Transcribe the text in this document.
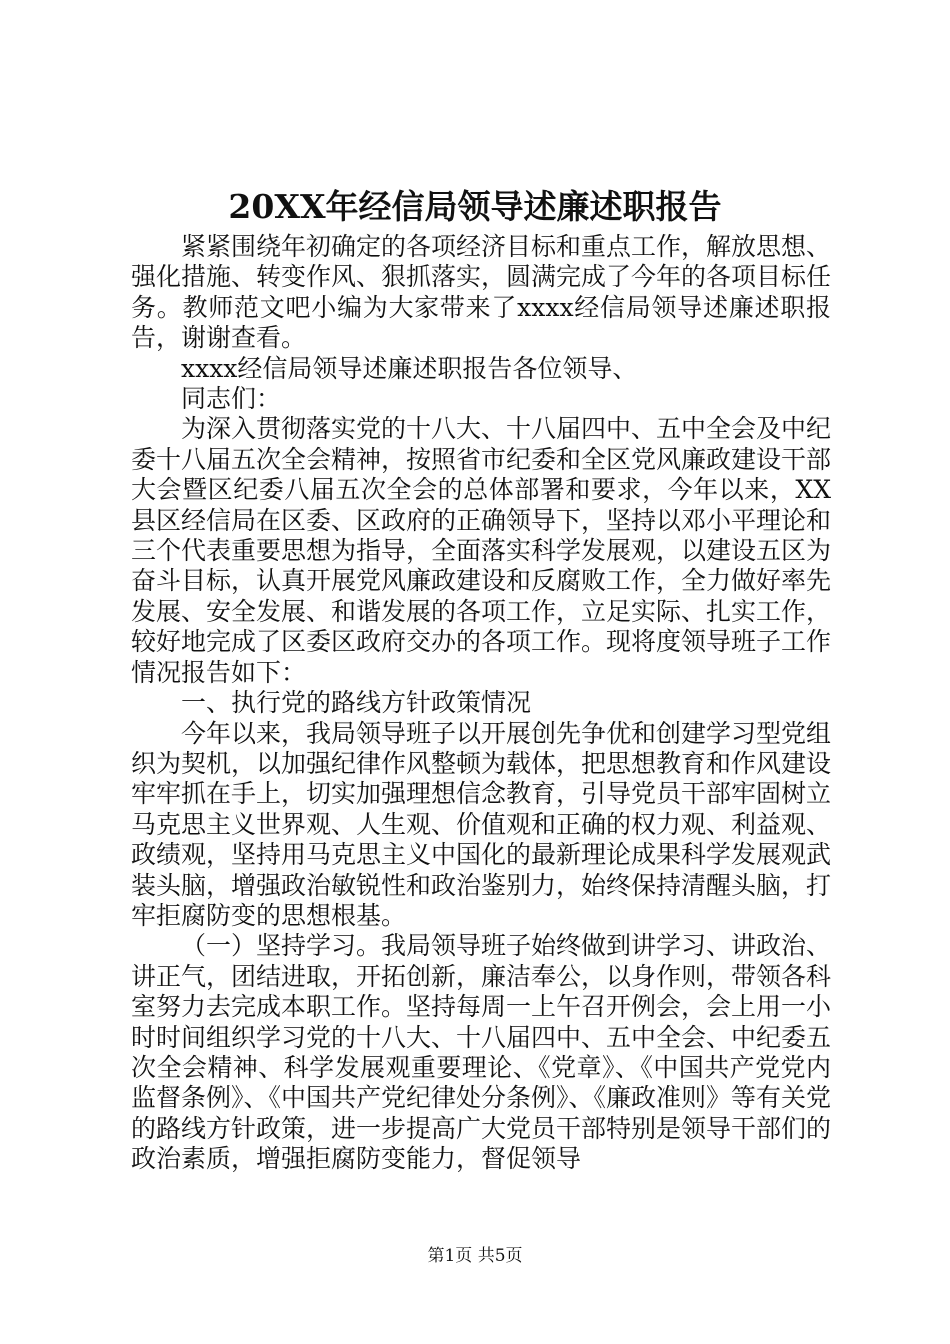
20XX年经信局领导述廉述职报告

紧紧围绕年初确定的各项经济目标和重点工作，解放思想、强化措施、转变作风、狠抓落实，圆满完成了今年的各项目标任务。教师范文吧小编为大家带来了xxxx经信局领导述廉述职报告，谢谢查看。

xxxx经信局领导述廉述职报告各位领导、

同志们：

为深入贯彻落实党的十八大、十八届四中、五中全会及中纪委十八届五次全会精神，按照省市纪委和全区党风廉政建设干部大会暨区纪委八届五次全会的总体部署和要求，今年以来，XX县区经信局在区委、区政府的正确领导下，坚持以邓小平理论和三个代表重要思想为指导，全面落实科学发展观，以建设五区为奋斗目标，认真开展党风廉政建设和反腐败工作，全力做好率先发展、安全发展、和谐发展的各项工作，立足实际、扎实工作，较好地完成了区委区政府交办的各项工作。现将度领导班子工作情况报告如下：

一、执行党的路线方针政策情况

今年以来，我局领导班子以开展创先争优和创建学习型党组织为契机，以加强纪律作风整顿为载体，把思想教育和作风建设牢牢抓在手上，切实加强理想信念教育，引导党员干部牢固树立马克思主义世界观、人生观、价值观和正确的权力观、利益观、政绩观，坚持用马克思主义中国化的最新理论成果科学发展观武装头脑，增强政治敏锐性和政治鉴别力，始终保持清醒头脑，打牢拒腐防变的思想根基。

（一）坚持学习。我局领导班子始终做到讲学习、讲政治、讲正气，团结进取，开拓创新，廉洁奉公，以身作则，带领各科室努力去完成本职工作。坚持每周一上午召开例会，会上用一小时时间组织学习党的十八大、十八届四中、五中全会、中纪委五次全会精神、科学发展观重要理论、《党章》、《中国共产党党内监督条例》、《中国共产党纪律处分条例》、《廉政准则》等有关党的路线方针政策，进一步提高广大党员干部特别是领导干部们的政治素质，增强拒腐防变能力，督促领导

第1页 共5页
